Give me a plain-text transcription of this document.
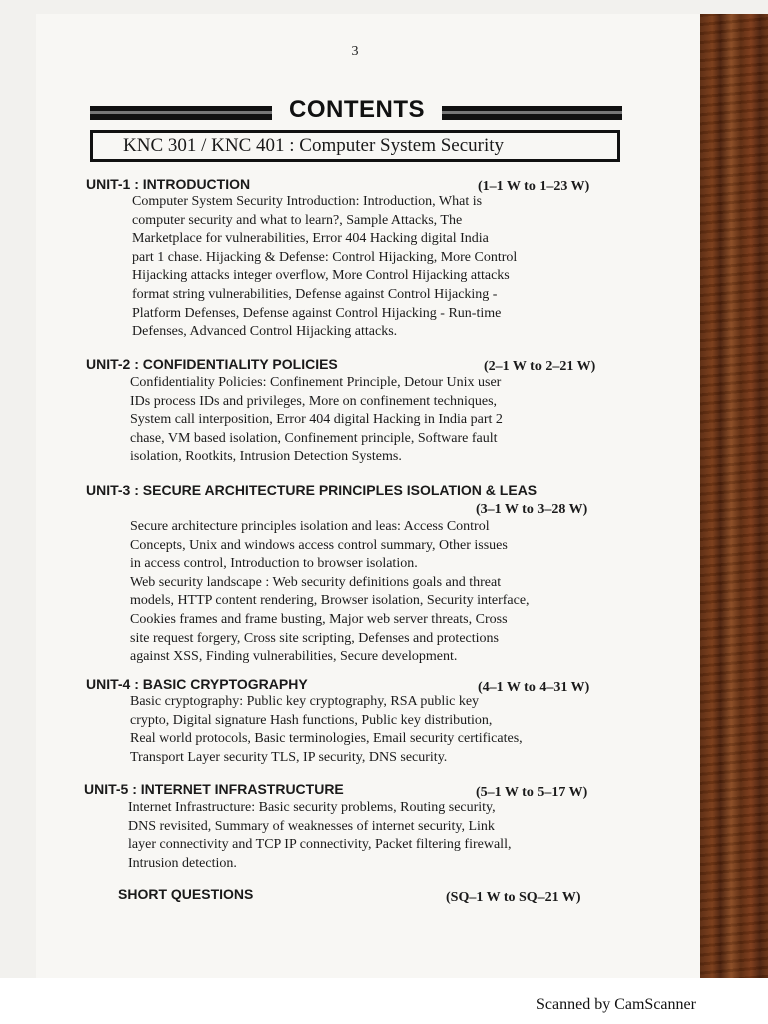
3
CONTENTS
KNC 301 / KNC 401 : Computer System Security
UNIT-1 : INTRODUCTION	(1–1 W to 1–23 W)
Computer System Security Introduction: Introduction, What is
computer security and what to learn?, Sample Attacks, The
Marketplace for vulnerabilities, Error 404 Hacking digital India
part 1 chase. Hijacking & Defense: Control Hijacking, More Control
Hijacking attacks integer overflow, More Control Hijacking attacks
format string vulnerabilities, Defense against Control Hijacking -
Platform Defenses, Defense against Control Hijacking - Run-time
Defenses, Advanced Control Hijacking attacks.
UNIT-2 : CONFIDENTIALITY POLICIES	(2–1 W to 2–21 W)
Confidentiality Policies: Confinement Principle, Detour Unix user
IDs process IDs and privileges, More on confinement techniques,
System call interposition, Error 404 digital Hacking in India part 2
chase, VM based isolation, Confinement principle, Software fault
isolation, Rootkits, Intrusion Detection Systems.
UNIT-3 : SECURE ARCHITECTURE PRINCIPLES ISOLATION & LEAS
(3–1 W to 3–28 W)
Secure architecture principles isolation and leas: Access Control
Concepts, Unix and windows access control summary, Other issues
in access control, Introduction to browser isolation.
Web security landscape : Web security definitions goals and threat
models, HTTP content rendering, Browser isolation, Security interface,
Cookies frames and frame busting, Major web server threats, Cross
site request forgery, Cross site scripting, Defenses and protections
against XSS, Finding vulnerabilities, Secure development.
UNIT-4 : BASIC CRYPTOGRAPHY	(4–1 W to 4–31 W)
Basic cryptography: Public key cryptography, RSA public key
crypto, Digital signature Hash functions, Public key distribution,
Real world protocols, Basic terminologies, Email security certificates,
Transport Layer security TLS, IP security, DNS security.
UNIT-5 : INTERNET INFRASTRUCTURE	(5–1 W to 5–17 W)
Internet Infrastructure: Basic security problems, Routing security,
DNS revisited, Summary of weaknesses of internet security, Link
layer connectivity and TCP IP connectivity, Packet filtering firewall,
Intrusion detection.
SHORT QUESTIONS	(SQ–1 W to SQ–21 W)
Scanned by CamScanner
